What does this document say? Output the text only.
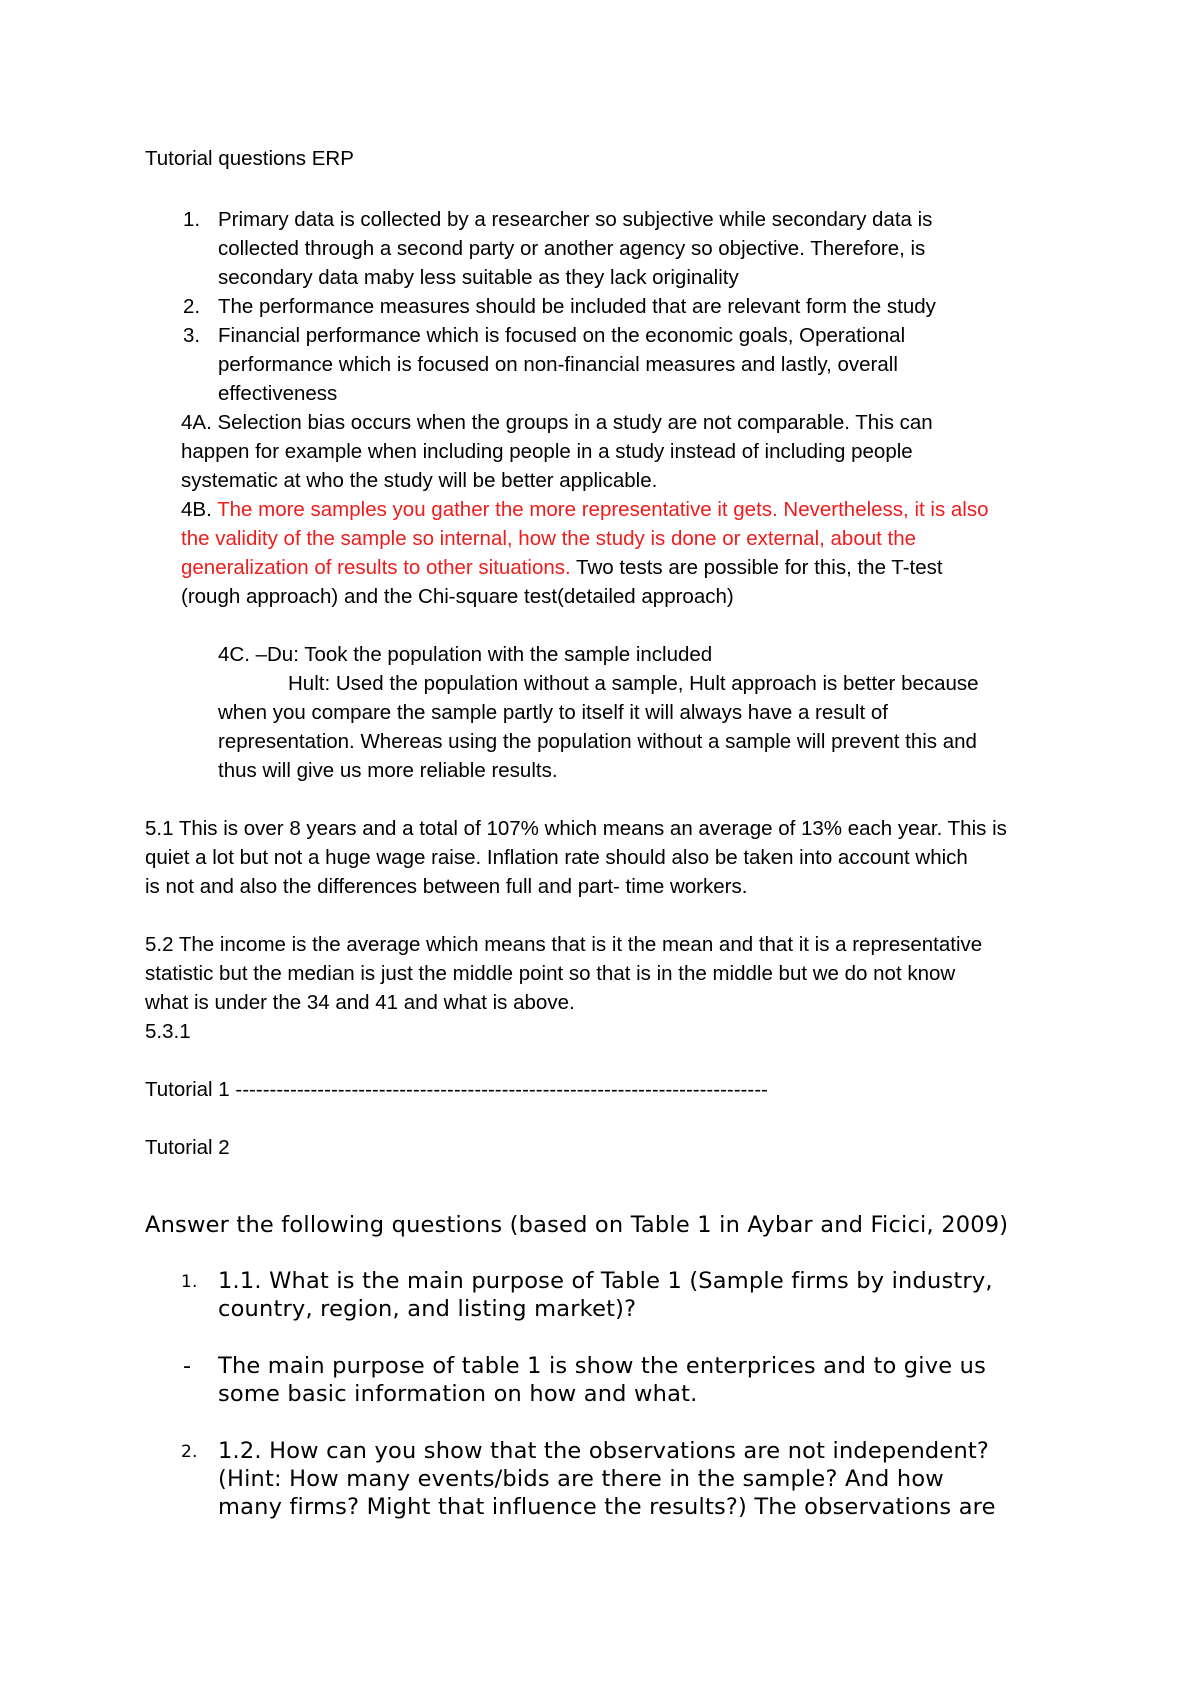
Tutorial questions ERP
1. Primary data is collected by a researcher so subjective while secondary data is
collected through a second party or another agency so objective. Therefore, is
secondary data maby less suitable as they lack originality
2. The performance measures should be included that are relevant form the study
3. Financial performance which is focused on the economic goals, Operational
performance which is focused on non-financial measures and lastly, overall
effectiveness
4A. Selection bias occurs when the groups in a study are not comparable. This can
happen for example when including people in a study instead of including people
systematic at who the study will be better applicable.
4B. The more samples you gather the more representative it gets. Nevertheless, it is also
the validity of the sample so internal, how the study is done or external, about the
generalization of results to other situations. Two tests are possible for this, the T-test
(rough approach) and the Chi-square test(detailed approach)
4C. –Du: Took the population with the sample included
Hult: Used the population without a sample, Hult approach is better because
when you compare the sample partly to itself it will always have a result of
representation. Whereas using the population without a sample will prevent this and
thus will give us more reliable results.
5.1 This is over 8 years and a total of 107% which means an average of 13% each year. This is
quiet a lot but not a huge wage raise. Inflation rate should also be taken into account which
is not and also the differences between full and part- time workers.
5.2 The income is the average which means that is it the mean and that it is a representative
statistic but the median is just the middle point so that is in the middle but we do not know
what is under the 34 and 41 and what is above.
5.3.1
Tutorial 1 ------------------------------------------------------------------------------
Tutorial 2
Answer the following questions (based on Table 1 in Aybar and Ficici, 2009)
1. 1.1. What is the main purpose of Table 1 (Sample firms by industry,
country, region, and listing market)?
- The main purpose of table 1 is show the enterprices and to give us
some basic information on how and what.
2. 1.2. How can you show that the observations are not independent?
(Hint: How many events/bids are there in the sample? And how
many firms? Might that influence the results?) The observations are
